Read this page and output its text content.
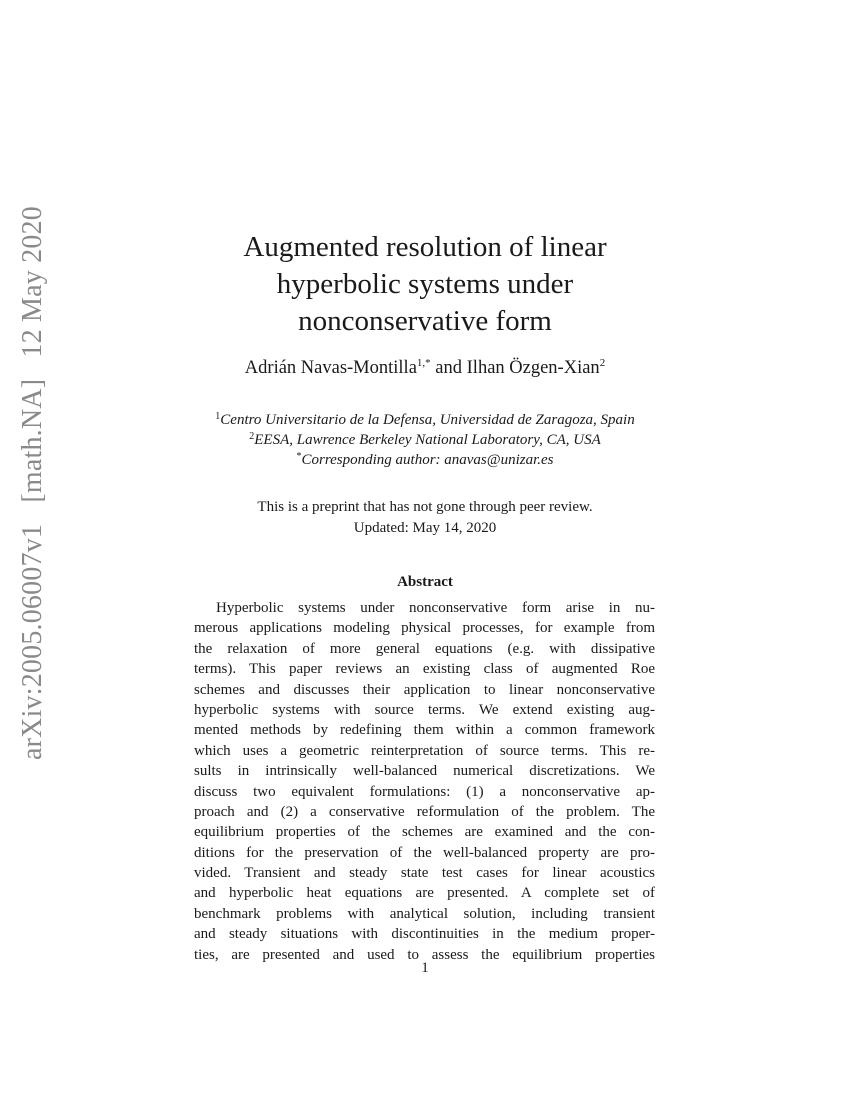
arXiv:2005.06007v1 [math.NA] 12 May 2020	Augmented resolution of linear
hyperbolic systems under
nonconservative form
Adrián Navas-Montilla$^{1,*}$ and Ilhan Özgen-Xian$^2$
$^1$Centro Universitario de la Defensa, Universidad de Zaragoza, Spain
$^2$EESA, Lawrence Berkeley National Laboratory, CA, USA
*Corresponding author: anavas@unizar.es
This is a preprint that has not gone through peer review.
Updated: May 14, 2020
Abstract
Hyperbolic systems under nonconservative form arise in nu-
merous applications modeling physical processes, for example from
the relaxation of more general equations (e.g. with dissipative
terms). This paper reviews an existing class of augmented Roe
schemes and discusses their application to linear nonconservative
hyperbolic systems with source terms. We extend existing aug-
mented methods by redefining them within a common framework
which uses a geometric reinterpretation of source terms. This re-
sults in intrinsically well-balanced numerical discretizations. We
discuss two equivalent formulations: (1) a nonconservative ap-
proach and (2) a conservative reformulation of the problem. The
equilibrium properties of the schemes are examined and the con-
ditions for the preservation of the well-balanced property are pro-
vided. Transient and steady state test cases for linear acoustics
and hyperbolic heat equations are presented. A complete set of
benchmark problems with analytical solution, including transient
and steady situations with discontinuities in the medium proper-
ties, are presented and used to assess the equilibrium properties
1
